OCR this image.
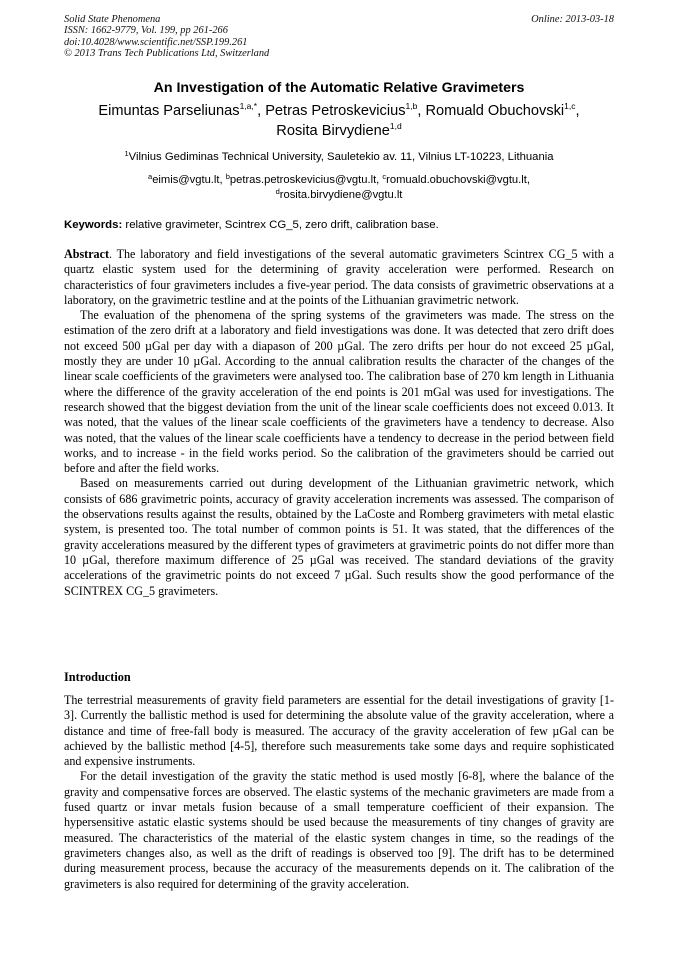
Solid State Phenomena
ISSN: 1662-9779, Vol. 199, pp 261-266
doi:10.4028/www.scientific.net/SSP.199.261
© 2013 Trans Tech Publications Ltd, Switzerland
Online: 2013-03-18
An Investigation of the Automatic Relative Gravimeters
Eimuntas Parseliunas$^{1,a,*}$, Petras Petroskevicius$^{1,b}$, Romuald Obuchovski$^{1,c}$,
Rosita Birvydiene$^{1,d}$
$^1$Vilnius Gediminas Technical University, Sauletekio av. 11, Vilnius LT-10223, Lithuania
$^a$eimis@vgtu.lt, $^b$petras.petroskevicius@vgtu.lt, $^c$romuald.obuchovski@vgtu.lt,
$^d$rosita.birvydiene@vgtu.lt
Keywords: relative gravimeter, Scintrex CG_5, zero drift, calibration base.

Abstract. The laboratory and field investigations of the several automatic gravimeters Scintrex CG_5 with a quartz elastic system used for the determining of gravity acceleration were performed. Research on characteristics of four gravimeters includes a five-year period. The data consists of gravimetric observations at a laboratory, on the gravimetric testline and at the points of the Lithuanian gravimetric network.

The evaluation of the phenomena of the spring systems of the gravimeters was made. The stress on the estimation of the zero drift at a laboratory and field investigations was done. It was detected that zero drift does not exceed 500 µGal per day with a diapason of 200 µGal. The zero drifts per hour do not exceed 25 µGal, mostly they are under 10 µGal. According to the annual calibration results the character of the changes of the linear scale coefficients of the gravimeters were analysed too. The calibration base of 270 km length in Lithuania where the difference of the gravity acceleration of the end points is 201 mGal was used for investigations. The research showed that the biggest deviation from the unit of the linear scale coefficients does not exceed 0.013. It was noted, that the values of the linear scale coefficients of the gravimeters have a tendency to decrease. Also was noted, that the values of the linear scale coefficients have a tendency to decrease in the period between field works, and to increase - in the field works period. So the calibration of the gravimeters should be carried out before and after the field works.

Based on measurements carried out during development of the Lithuanian gravimetric network, which consists of 686 gravimetric points, accuracy of gravity acceleration increments was assessed. The comparison of the observations results against the results, obtained by the LaCoste and Romberg gravimeters with metal elastic system, is presented too. The total number of common points is 51. It was stated, that the differences of the gravity accelerations measured by the different types of gravimeters at gravimetric points do not differ more than 10 µGal, therefore maximum difference of 25 µGal was received. The standard deviations of the gravity accelerations of the gravimetric points do not exceed 7 µGal. Such results show the good performance of the SCINTREX CG_5 gravimeters.

Introduction

The terrestrial measurements of gravity field parameters are essential for the detail investigations of gravity [1-3]. Currently the ballistic method is used for determining the absolute value of the gravity acceleration, where a distance and time of free-fall body is measured. The accuracy of the gravity acceleration of few µGal can be achieved by the ballistic method [4-5], therefore such measurements take some days and require sophisticated and expensive instruments.

For the detail investigation of the gravity the static method is used mostly [6-8], where the balance of the gravity and compensative forces are observed. The elastic systems of the mechanic gravimeters are made from a fused quartz or invar metals fusion because of a small temperature coefficient of their expansion. The hypersensitive astatic elastic systems should be used because the measurements of tiny changes of gravity are measured. The characteristics of the material of the elastic system changes in time, so the readings of the gravimeters changes also, as well as the drift of readings is observed too [9]. The drift has to be determined during measurement process, because the accuracy of the measurements depends on it. The calibration of the gravimeters is also required for determining of the gravity acceleration.
